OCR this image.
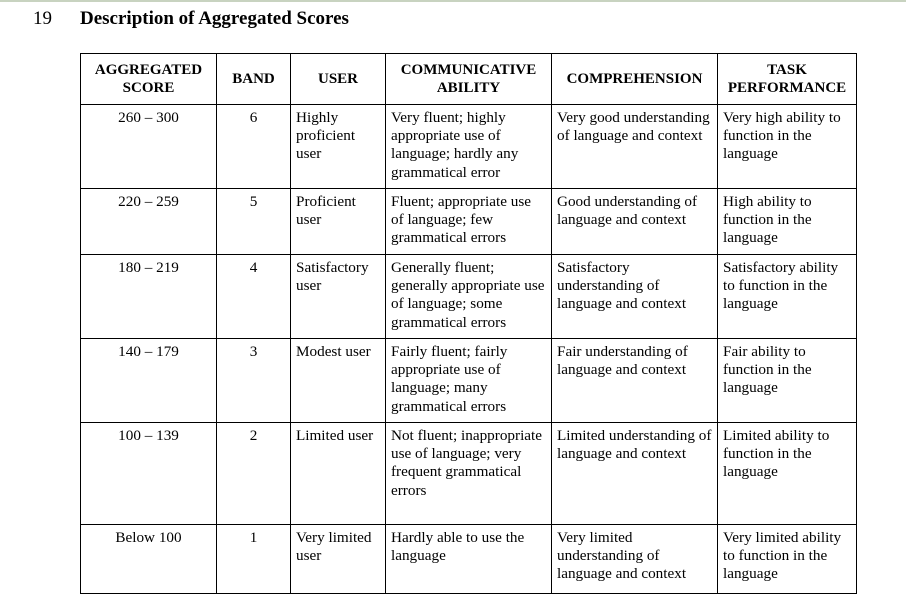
19 Description of Aggregated Scores
AGGREGATED SCORE	BAND	USER	COMMUNICATIVE ABILITY	COMPREHENSION	TASK PERFORMANCE
260 – 300	6	Highly proficient user	Very fluent; highly appropriate use of language; hardly any grammatical error	Very good understanding of language and context	Very high ability to function in the language
220 – 259	5	Proficient user	Fluent; appropriate use of language; few grammatical errors	Good understanding of language and context	High ability to function in the language
180 – 219	4	Satisfactory user	Generally fluent; generally appropriate use of language; some grammatical errors	Satisfactory understanding of language and context	Satisfactory ability to function in the language
140 – 179	3	Modest user	Fairly fluent; fairly appropriate use of language; many grammatical errors	Fair understanding of language and context	Fair ability to function in the language
100 – 139	2	Limited user	Not fluent; inappropriate use of language; very frequent grammatical errors	Limited understanding of language and context	Limited ability to function in the language
Below 100	1	Very limited user	Hardly able to use the language	Very limited understanding of language and context	Very limited ability to function in the language
